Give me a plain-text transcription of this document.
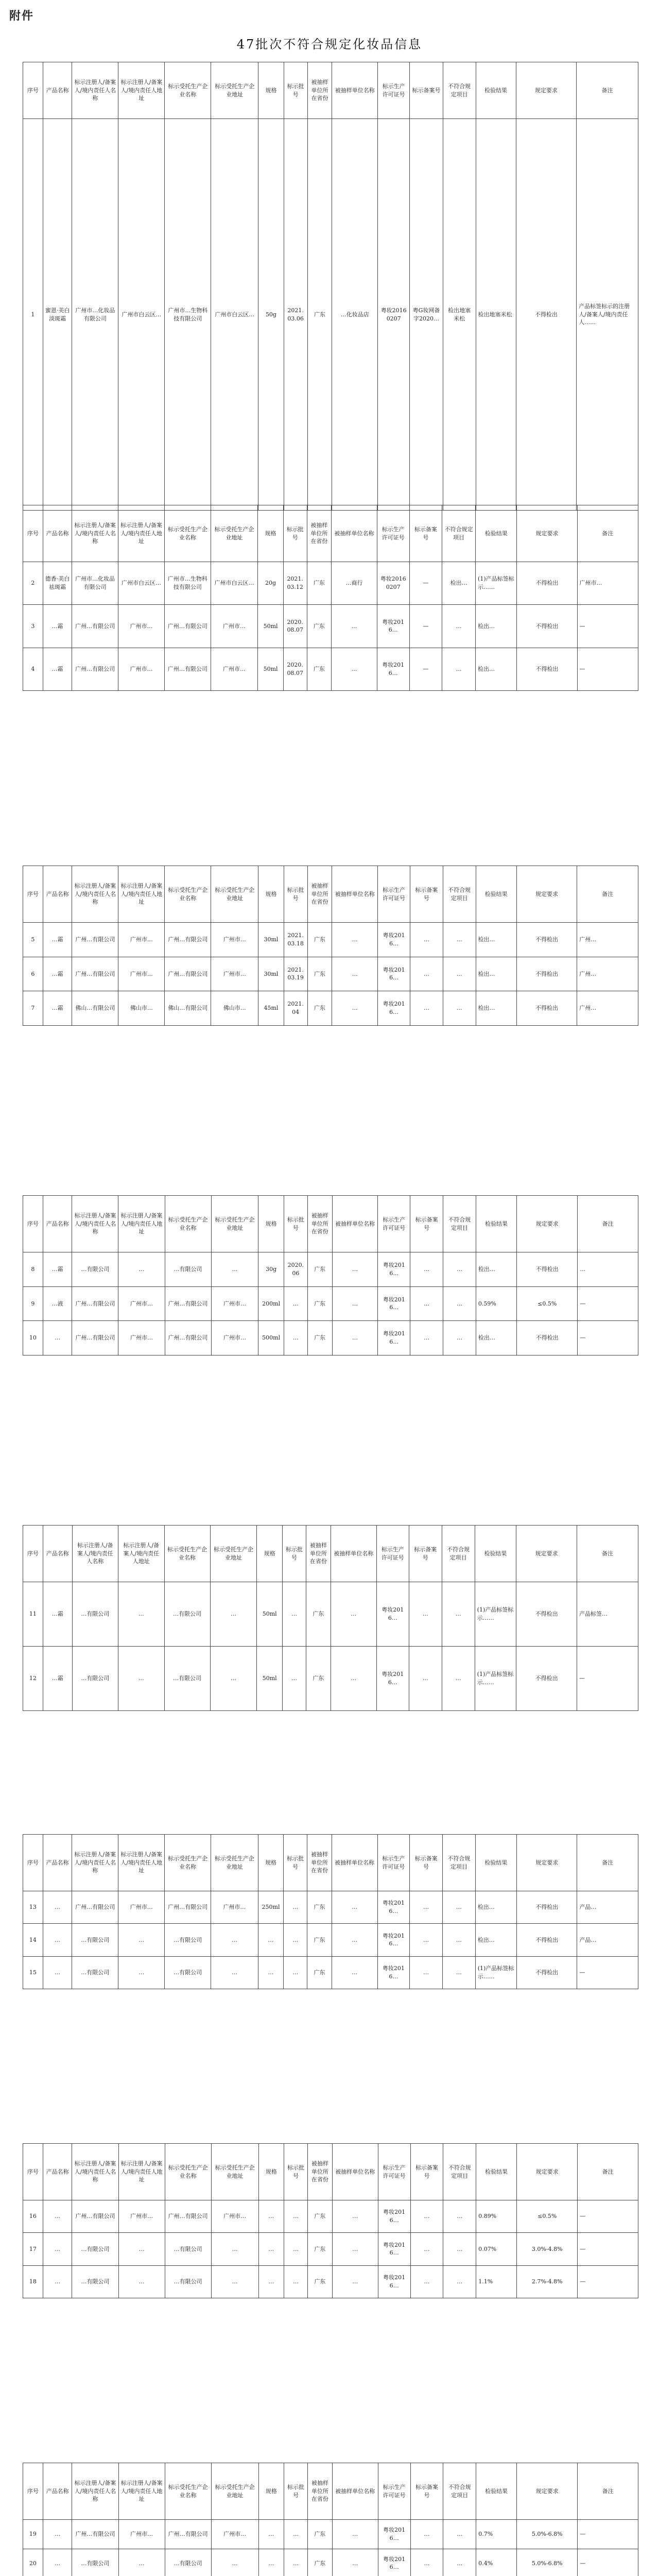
附件
47批次不符合规定化妆品信息
序号	产品名称	标示注册人/备案人/境内责任人名称	标示注册人/备案人/境内责任人地址	标示受托生产企业名称	标示受托生产企业地址	规格	标示批号	被抽样单位所在省份	被抽样单位名称	标示生产许可证号	标示备案号	不符合规定项目	检验结果	规定要求	备注
1	蜜恩·美白淡斑霜	广州市…化妆品有限公司	广州市白云区…	广州市…生物科技有限公司	广州市白云区…	50g	2021.03.06	广东	…化妆品店	粤妆20160207	粤G妆网备字2020…	检出地塞米松	检出地塞米松	不得检出	产品标签标示的注册人/备案人/境内责任人……
序号	产品名称	标示注册人/备案人/境内责任人名称	标示注册人/备案人/境内责任人地址	标示受托生产企业名称	标示受托生产企业地址	规格	标示批号	被抽样单位所在省份	被抽样单位名称	标示生产许可证号	标示备案号	不符合规定项目	检验结果	规定要求	备注
2	德香·美白祛斑霜	广州市…化妆品有限公司	广州市白云区…	广州市…生物科技有限公司	广州市白云区…	20g	2021.03.12	广东	…商行	粤妆20160207	—	检出…	(1)产品标签标示……	不得检出	广州市…
3	…霜	广州…有限公司	广州市…	广州…有限公司	广州市…	50ml	2020.08.07	广东	…	粤妆2016…	—	…	检出…	不得检出	—
4	…霜	广州…有限公司	广州市…	广州…有限公司	广州市…	50ml	2020.08.07	广东	…	粤妆2016…	—	…	检出…	不得检出	—
序号	产品名称	标示注册人/备案人/境内责任人名称	标示注册人/备案人/境内责任人地址	标示受托生产企业名称	标示受托生产企业地址	规格	标示批号	被抽样单位所在省份	被抽样单位名称	标示生产许可证号	标示备案号	不符合规定项目	检验结果	规定要求	备注
5	…霜	广州…有限公司	广州市…	广州…有限公司	广州市…	30ml	2021.03.18	广东	…	粤妆2016…	…	…	检出…	不得检出	广州…
6	…霜	广州…有限公司	广州市…	广州…有限公司	广州市…	30ml	2021.03.19	广东	…	粤妆2016…	…	…	检出…	不得检出	广州…
7	…霜	佛山…有限公司	佛山市…	佛山…有限公司	佛山市…	45ml	2021.04	广东	…	粤妆2016…	…	…	检出…	不得检出	广州…
序号	产品名称	标示注册人/备案人/境内责任人名称	标示注册人/备案人/境内责任人地址	标示受托生产企业名称	标示受托生产企业地址	规格	标示批号	被抽样单位所在省份	被抽样单位名称	标示生产许可证号	标示备案号	不符合规定项目	检验结果	规定要求	备注
8	…霜	…有限公司	…	…有限公司	…	30g	2020.06	广东	…	粤妆2016…	…	…	检出…	不得检出	…
9	…液	广州…有限公司	广州市…	广州…有限公司	广州市…	200ml	…	广东	…	粤妆2016…	…	…	0.59%	≤0.5%	—
10	…	广州…有限公司	广州市…	广州…有限公司	广州市…	500ml	…	广东	…	粤妆2016…	…	…	检出…	不得检出	—
序号	产品名称	标示注册人/备案人/境内责任人名称	标示注册人/备案人/境内责任人地址	标示受托生产企业名称	标示受托生产企业地址	规格	标示批号	被抽样单位所在省份	被抽样单位名称	标示生产许可证号	标示备案号	不符合规定项目	检验结果	规定要求	备注
11	…霜	…有限公司	…	…有限公司	…	50ml	…	广东	…	粤妆2016…	…	…	(1)产品标签标示……	不得检出	产品标签…
12	…霜	…有限公司	…	…有限公司	…	50ml	…	广东	…	粤妆2016…	…	…	(1)产品标签标示……	不得检出	—
序号	产品名称	标示注册人/备案人/境内责任人名称	标示注册人/备案人/境内责任人地址	标示受托生产企业名称	标示受托生产企业地址	规格	标示批号	被抽样单位所在省份	被抽样单位名称	标示生产许可证号	标示备案号	不符合规定项目	检验结果	规定要求	备注
13	…	广州…有限公司	广州市…	广州…有限公司	广州市…	250ml	…	广东	…	粤妆2016…	…	…	检出…	不得检出	产品…
14	…	…有限公司	…	…有限公司	…	…	…	广东	…	粤妆2016…	…	…	检出…	不得检出	产品…
15	…	…有限公司	…	…有限公司	…	…	…	广东	…	粤妆2016…	…	…	(1)产品标签标示……	不得检出	—
序号	产品名称	标示注册人/备案人/境内责任人名称	标示注册人/备案人/境内责任人地址	标示受托生产企业名称	标示受托生产企业地址	规格	标示批号	被抽样单位所在省份	被抽样单位名称	标示生产许可证号	标示备案号	不符合规定项目	检验结果	规定要求	备注
16	…	广州…有限公司	广州市…	广州…有限公司	广州市…	…	…	广东	…	粤妆2016…	…	…	0.89%	≤0.5%	—
17	…	…有限公司	…	…有限公司	…	…	…	广东	…	粤妆2016…	…	…	0.07%	3.0%-4.8%	—
18	…	…有限公司	…	…有限公司	…	…	…	广东	…	粤妆2016…	…	…	1.1%	2.7%-4.8%	—
序号	产品名称	标示注册人/备案人/境内责任人名称	标示注册人/备案人/境内责任人地址	标示受托生产企业名称	标示受托生产企业地址	规格	标示批号	被抽样单位所在省份	被抽样单位名称	标示生产许可证号	标示备案号	不符合规定项目	检验结果	规定要求	备注
19	…	广州…有限公司	广州市…	广州…有限公司	广州市…	…	…	广东	…	粤妆2016…	…	…	0.7%	5.0%-6.8%	—
20	…	…有限公司	…	…有限公司	…	…	…	广东	…	粤妆2016…	…	…	0.4%	5.0%-6.8%	—
